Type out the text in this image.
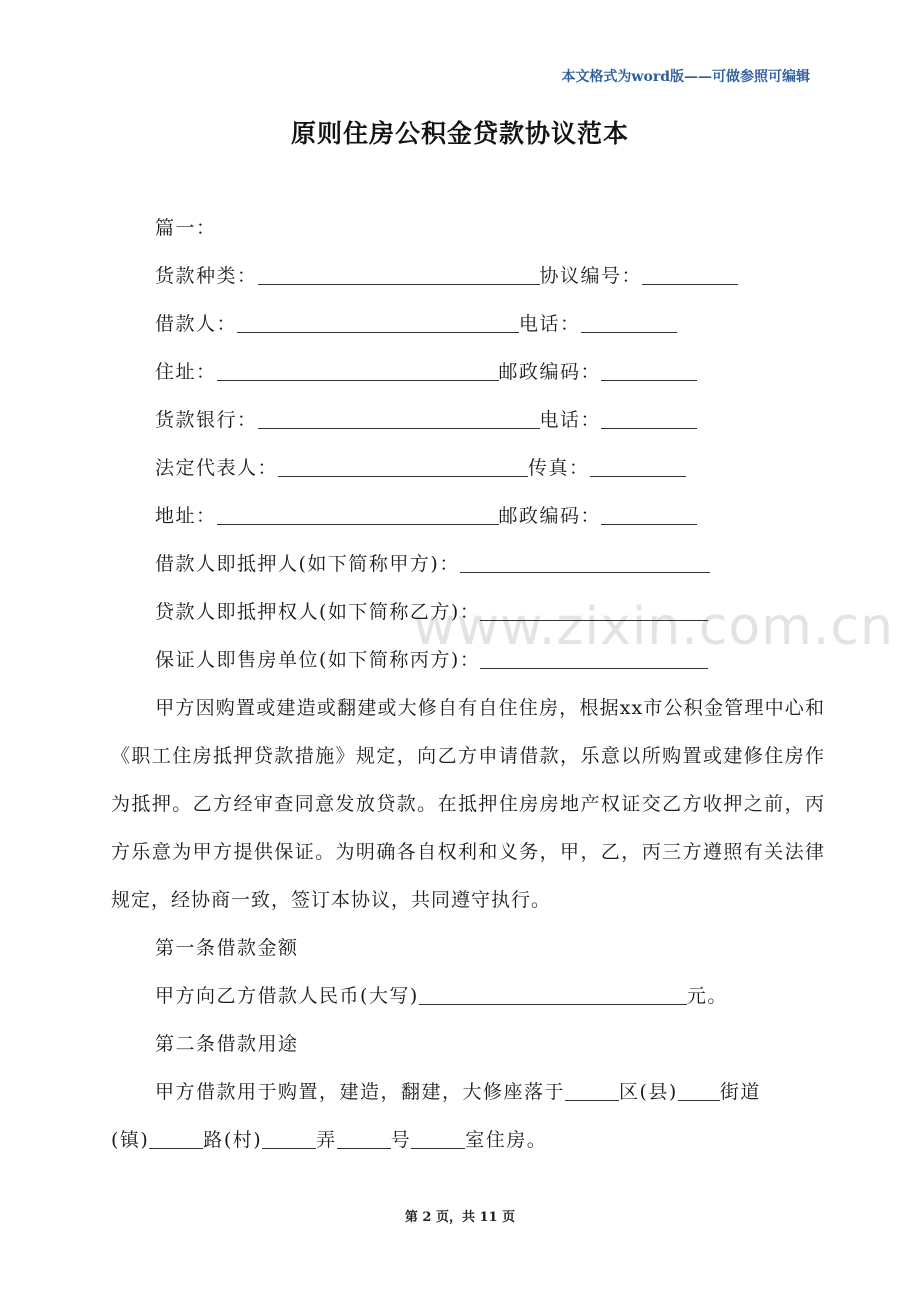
本文格式为word版——可做参照可编辑
原则住房公积金贷款协议范本
www.zixin.com.cn
篇一：
货款种类：	协议编号：
借款人：	电话：
住址：	邮政编码：
货款银行：	电话：
法定代表人：	传真：
地址：	邮政编码：
借款人即抵押人(如下简称甲方)：
贷款人即抵押权人(如下简称乙方)：
保证人即售房单位(如下简称丙方)：
甲方因购置或建造或翻建或大修自有自住住房，根据xx市公积金管理中心和《职工住房抵押贷款措施》规定，向乙方申请借款，乐意以所购置或建修住房作为抵押。乙方经审查同意发放贷款。在抵押住房房地产权证交乙方收押之前，丙方乐意为甲方提供保证。为明确各自权利和义务，甲，乙，丙三方遵照有关法律规定，经协商一致，签订本协议，共同遵守执行。
第一条借款金额
甲方向乙方借款人民币(大写)	元。
第二条借款用途
甲方借款用于购置，建造，翻建，大修座落于	区(县) 街道
(镇)	路(村)	弄	号	室住房。
第 2 页，共 11 页
